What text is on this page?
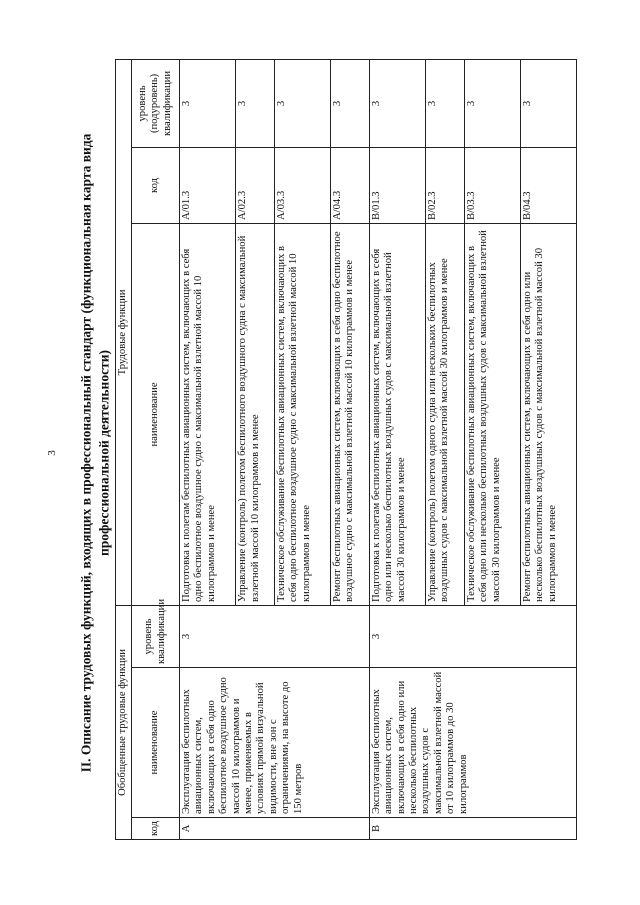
3 II. Описание трудовых функций, входящих в профессиональный стандарт (функциональная карта вида профессиональной деятельности)
Обобщенные трудовые функции			Трудовые функции		
код	наименование	уровень квалификации	наименование	код	уровень (подуровень) квалификации
A	Эксплуатация беспилотных авиационных систем, включающих в себя одно беспилотное воздушное судно массой 10 килограммов и менее, применяемых в условиях прямой визуальной видимости, вне зон с ограничениями, на высоте до 150 метров	3	Подготовка к полетам беспилотных авиационных систем, включающих в себя одно беспилотное воздушное судно с максимальной взлетной массой 10 килограммов и менее	A/01.3	3
			Управление (контроль) полетом беспилотного воздушного судна с максимальной взлетной массой 10 килограммов и менее	A/02.3	3
			Техническое обслуживание беспилотных авиационных систем, включающих в себя одно беспилотное воздушное судно с максимальной взлетной массой 10 килограммов и менее	A/03.3	3
			Ремонт беспилотных авиационных систем, включающих в себя одно беспилотное воздушное судно с максимальной взлетной массой 10 килограммов и менее	A/04.3	3
B	Эксплуатация беспилотных авиационных систем, включающих в себя одно или несколько беспилотных воздушных судов с максимальной взлетной массой от 10 килограммов до 30 килограммов	3	Подготовка к полетам беспилотных авиационных систем, включающих в себя одно или несколько беспилотных воздушных судов с максимальной взлетной массой 30 килограммов и менее	B/01.3	3
			Управление (контроль) полетом одного судна или нескольких беспилотных воздушных судов с максимальной взлетной массой 30 килограммов и менее	B/02.3	3
			Техническое обслуживание беспилотных авиационных систем, включающих в себя одно или несколько беспилотных воздушных судов с максимальной взлетной массой 30 килограммов и менее	B/03.3	3
			Ремонт беспилотных авиационных систем, включающих в себя одно или несколько беспилотных воздушных судов с максимальной взлетной массой 30 килограммов и менее	B/04.3	3
